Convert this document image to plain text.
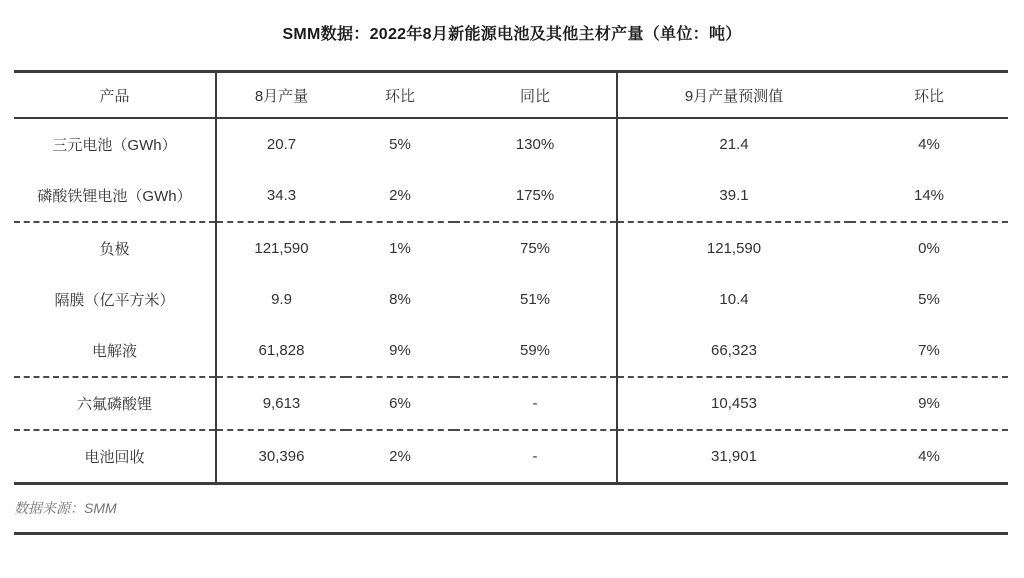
SMM数据：2022年8月新能源电池及其他主材产量（单位：吨）
产品	8月产量	环比	同比	9月产量预测值	环比
三元电池（GWh）	20.7	5%	130%	21.4	4%
磷酸铁锂电池（GWh）	34.3	2%	175%	39.1	14%
负极	121,590	1%	75%	121,590	0%
隔膜（亿平方米）	9.9	8%	51%	10.4	5%
电解液	61,828	9%	59%	66,323	7%
六氟磷酸锂	9,613	6%	-	10,453	9%
电池回收	30,396	2%	-	31,901	4%
数据来源：SMM
